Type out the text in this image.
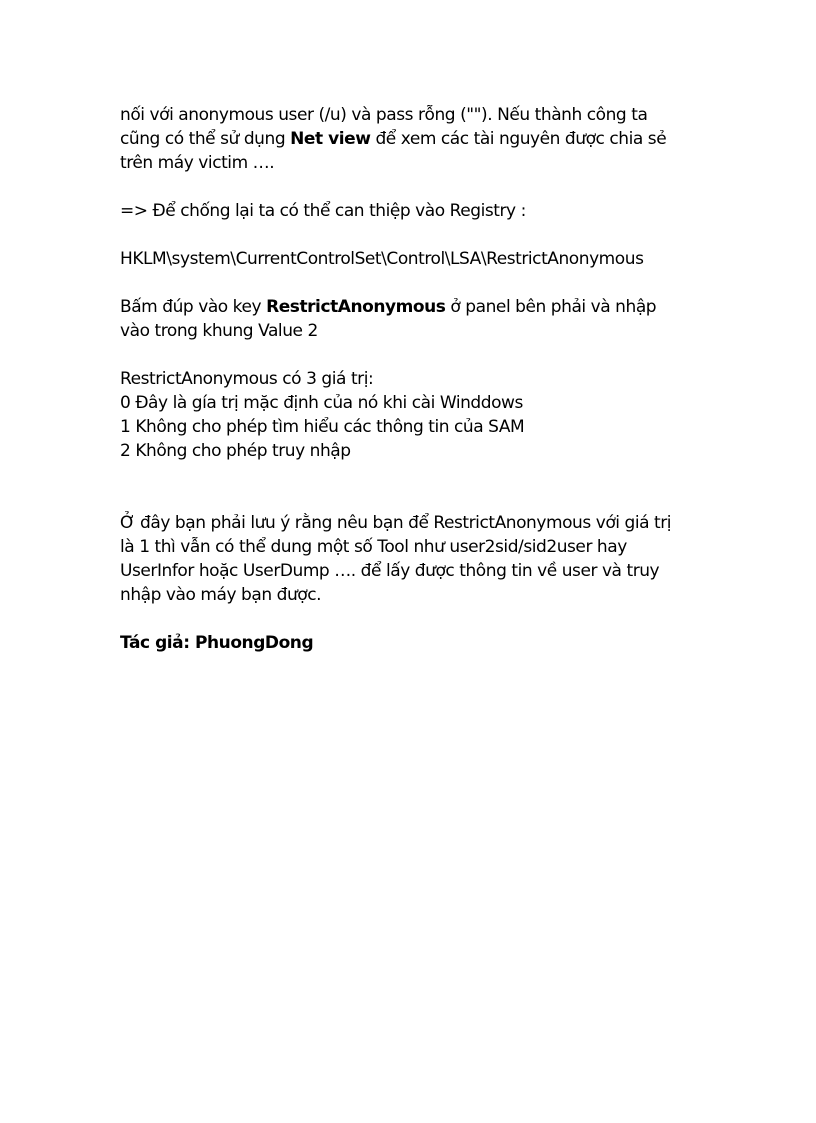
nối với anonymous user (/u) và pass rỗng (""). Nếu thành công ta
cũng có thể sử dụng Net view để xem các tài nguyên được chia sẻ
trên máy victim ….

=> Để chống lại ta có thể can thiệp vào Registry :

HKLM\system\CurrentControlSet\Control\LSA\RestrictAnonymous

Bấm đúp vào key RestrictAnonymous ở panel bên phải và nhập
vào trong khung Value 2

RestrictAnonymous có 3 giá trị:
0 Đây là gía trị mặc định của nó khi cài Winddows
1 Không cho phép tìm hiểu các thông tin của SAM
2 Không cho phép truy nhập

Ở đây bạn phải lưu ý rằng nêu bạn để RestrictAnonymous với giá trị
là 1 thì vẫn có thể dung một số Tool như user2sid/sid2user hay
UserInfor hoặc UserDump …. để lấy được thông tin về user và truy
nhập vào máy bạn được.

Tác giả: PhuongDong
